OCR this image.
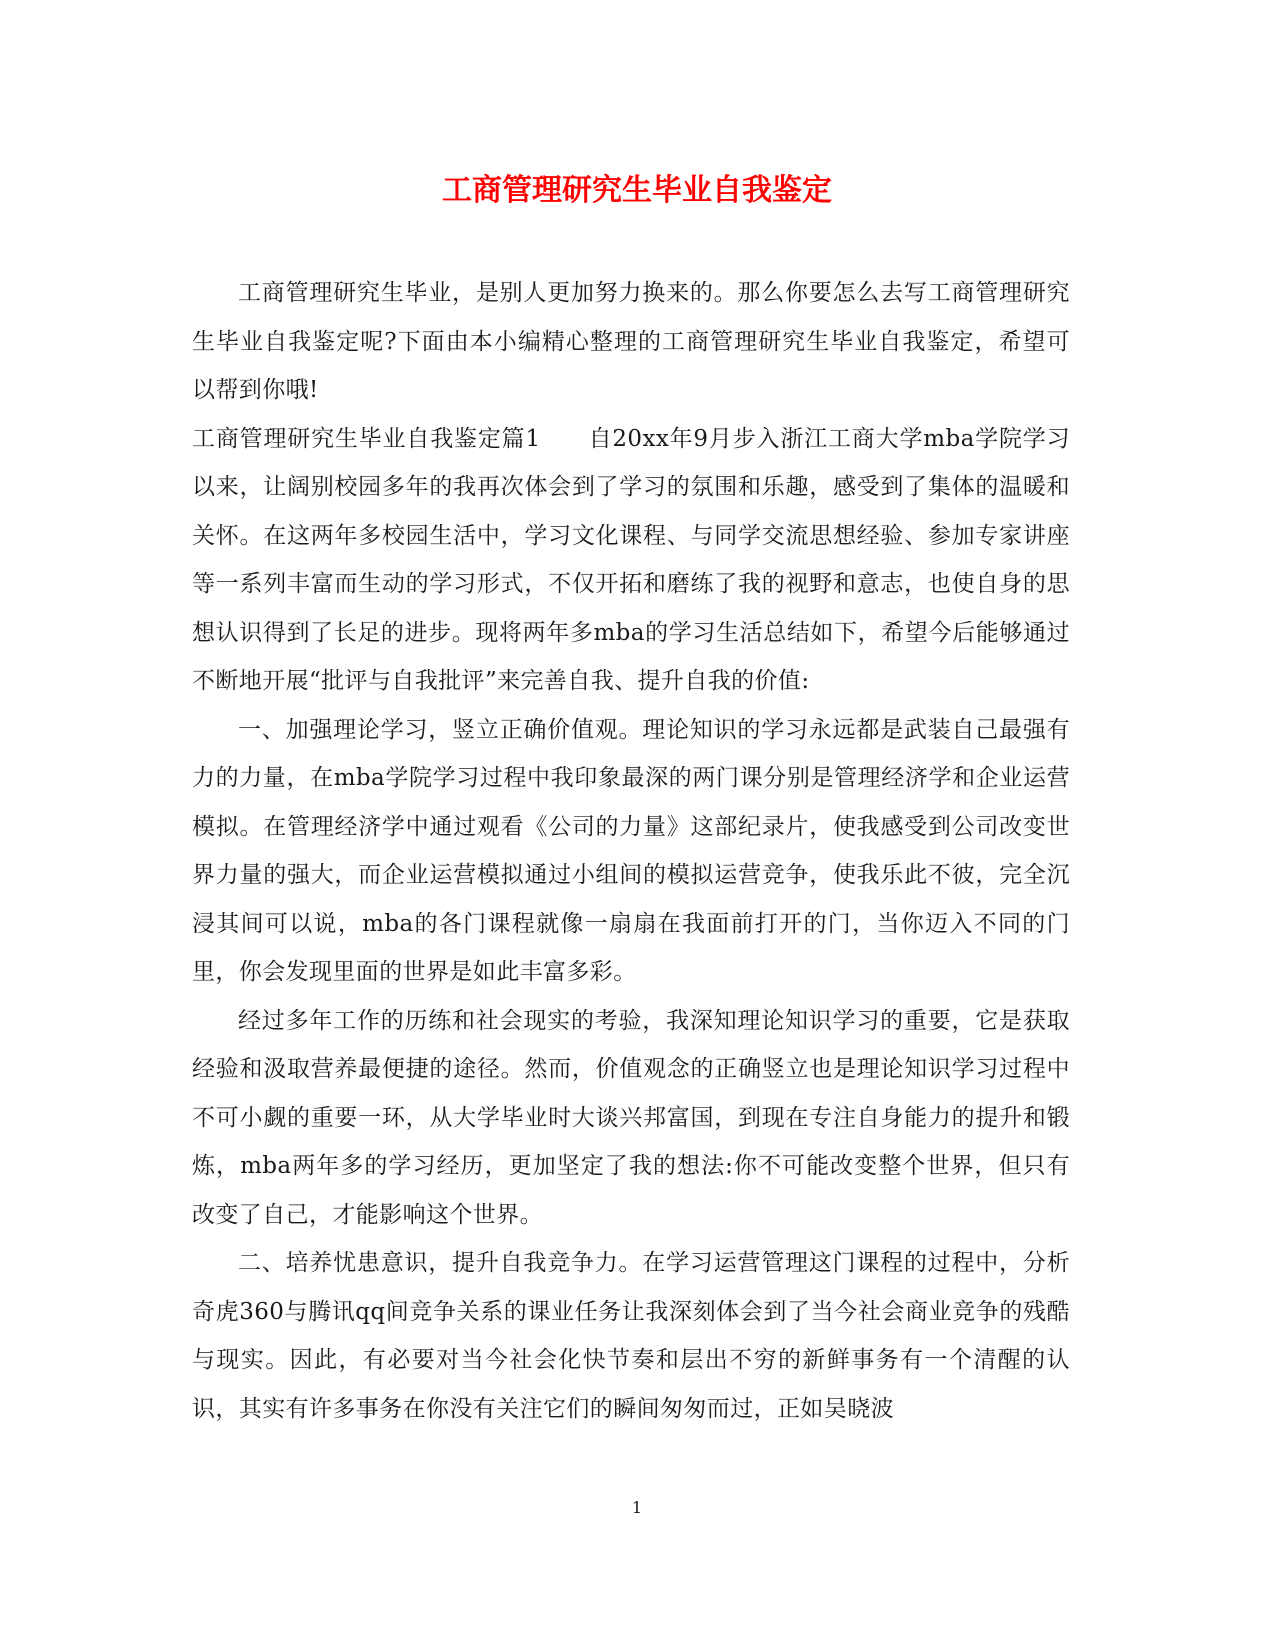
工商管理研究生毕业自我鉴定

工商管理研究生毕业，是别人更加努力换来的。那么你要怎么去写工商管理研究生毕业自我鉴定呢?下面由本小编精心整理的工商管理研究生毕业自我鉴定，希望可以帮到你哦!

工商管理研究生毕业自我鉴定篇1　　自20xx年9月步入浙江工商大学mba学院学习以来，让阔别校园多年的我再次体会到了学习的氛围和乐趣，感受到了集体的温暖和关怀。在这两年多校园生活中，学习文化课程、与同学交流思想经验、参加专家讲座等一系列丰富而生动的学习形式，不仅开拓和磨练了我的视野和意志，也使自身的思想认识得到了长足的进步。现将两年多mba的学习生活总结如下，希望今后能够通过不断地开展“批评与自我批评”来完善自我、提升自我的价值:

一、加强理论学习，竖立正确价值观。理论知识的学习永远都是武装自己最强有力的力量，在mba学院学习过程中我印象最深的两门课分别是管理经济学和企业运营模拟。在管理经济学中通过观看《公司的力量》这部纪录片，使我感受到公司改变世界力量的强大，而企业运营模拟通过小组间的模拟运营竞争，使我乐此不彼，完全沉浸其间可以说，mba的各门课程就像一扇扇在我面前打开的门，当你迈入不同的门里，你会发现里面的世界是如此丰富多彩。

经过多年工作的历练和社会现实的考验，我深知理论知识学习的重要，它是获取经验和汲取营养最便捷的途径。然而，价值观念的正确竖立也是理论知识学习过程中不可小觑的重要一环，从大学毕业时大谈兴邦富国，到现在专注自身能力的提升和锻炼，mba两年多的学习经历，更加坚定了我的想法:你不可能改变整个世界，但只有改变了自己，才能影响这个世界。

二、培养忧患意识，提升自我竞争力。在学习运营管理这门课程的过程中，分析奇虎360与腾讯qq间竞争关系的课业任务让我深刻体会到了当今社会商业竞争的残酷与现实。因此，有必要对当今社会化快节奏和层出不穷的新鲜事务有一个清醒的认识，其实有许多事务在你没有关注它们的瞬间匆匆而过，正如吴晓波

1
